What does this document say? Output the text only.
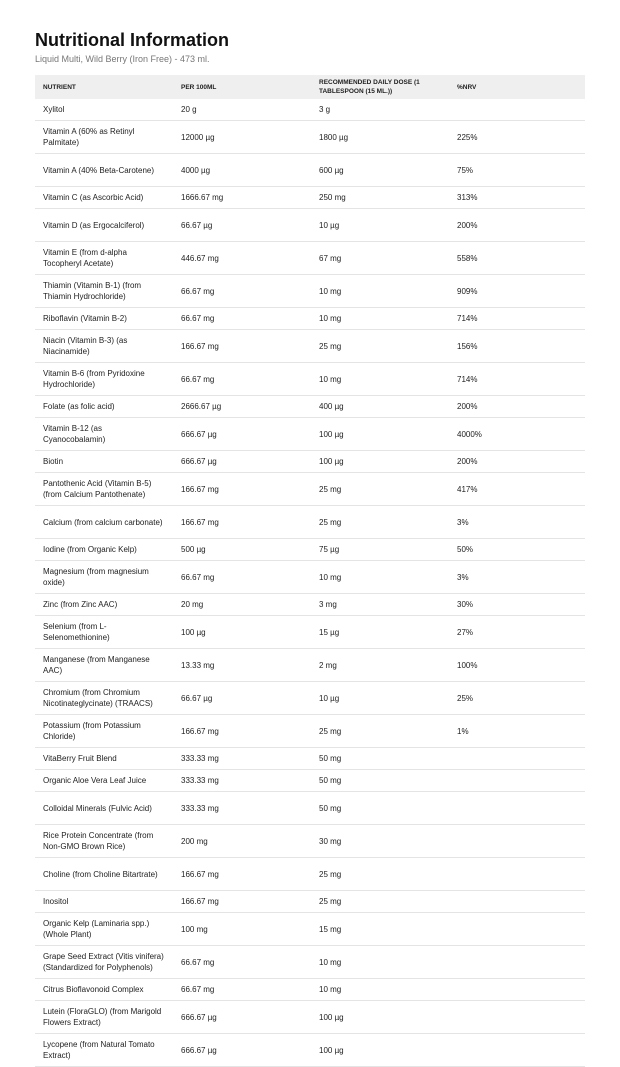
Nutritional Information
Liquid Multi, Wild Berry (Iron Free) - 473 ml.
NUTRIENT	PER 100ML	RECOMMENDED DAILY DOSE (1 TABLESPOON (15 ML.))	%NRV
Xylitol	20 g	3 g	
Vitamin A (60% as Retinyl Palmitate)	12000 µg	1800 µg	225%
Vitamin A (40% Beta-Carotene)	4000 µg	600 µg	75%
Vitamin C (as Ascorbic Acid)	1666.67 mg	250 mg	313%
Vitamin D (as Ergocalciferol)	66.67 µg	10 µg	200%
Vitamin E (from d-alpha Tocopheryl Acetate)	446.67 mg	67 mg	558%
Thiamin (Vitamin B-1) (from Thiamin Hydrochloride)	66.67 mg	10 mg	909%
Riboflavin (Vitamin B-2)	66.67 mg	10 mg	714%
Niacin (Vitamin B-3) (as Niacinamide)	166.67 mg	25 mg	156%
Vitamin B-6 (from Pyridoxine Hydrochloride)	66.67 mg	10 mg	714%
Folate (as folic acid)	2666.67 µg	400 µg	200%
Vitamin B-12 (as Cyanocobalamin)	666.67 µg	100 µg	4000%
Biotin	666.67 µg	100 µg	200%
Pantothenic Acid (Vitamin B-5) (from Calcium Pantothenate)	166.67 mg	25 mg	417%
Calcium (from calcium carbonate)	166.67 mg	25 mg	3%
Iodine (from Organic Kelp)	500 µg	75 µg	50%
Magnesium (from magnesium oxide)	66.67 mg	10 mg	3%
Zinc (from Zinc AAC)	20 mg	3 mg	30%
Selenium (from L-Selenomethionine)	100 µg	15 µg	27%
Manganese (from Manganese AAC)	13.33 mg	2 mg	100%
Chromium (from Chromium Nicotinateglycinate) (TRAACS)	66.67 µg	10 µg	25%
Potassium (from Potassium Chloride)	166.67 mg	25 mg	1%
VitaBerry Fruit Blend	333.33 mg	50 mg	
Organic Aloe Vera Leaf Juice	333.33 mg	50 mg	
Colloidal Minerals (Fulvic Acid)	333.33 mg	50 mg	
Rice Protein Concentrate (from Non-GMO Brown Rice)	200 mg	30 mg	
Choline (from Choline Bitartrate)	166.67 mg	25 mg	
Inositol	166.67 mg	25 mg	
Organic Kelp (Laminaria spp.) (Whole Plant)	100 mg	15 mg	
Grape Seed Extract (Vitis vinifera) (Standardized for Polyphenols)	66.67 mg	10 mg	
Citrus Bioflavonoid Complex	66.67 mg	10 mg	
Lutein (FloraGLO) (from Marigold Flowers Extract)	666.67 µg	100 µg	
Lycopene (from Natural Tomato Extract)	666.67 µg	100 µg	
